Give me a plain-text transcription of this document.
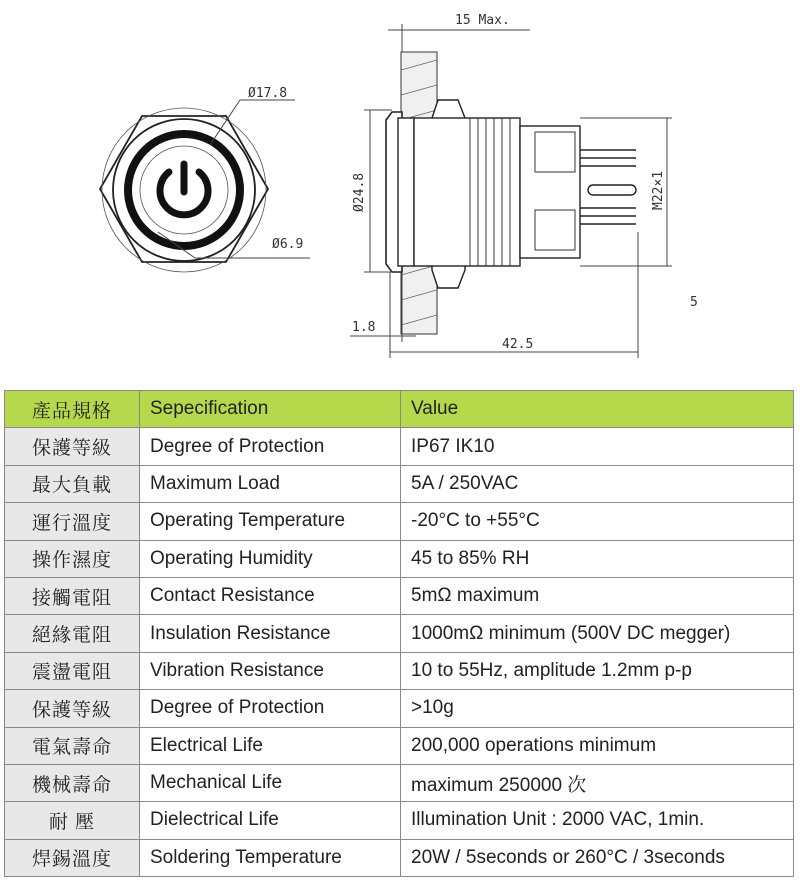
Ø17.8
Ø6.9
15 Max.
Ø24.8	M22×1
1.8
42.5
5
產品規格	Sepecification	Value
保護等級	Degree of Protection	IP67 IK10
最大負載	Maximum Load	5A / 250VAC
運行溫度	Operating Temperature	-20°C to +55°C
操作濕度	Operating Humidity	45 to 85% RH
接觸電阻	Contact Resistance	5mΩ maximum
絕緣電阻	Insulation Resistance	1000mΩ minimum (500V DC megger)
震盪電阻	Vibration Resistance	10 to 55Hz, amplitude 1.2mm p-p
保護等級	Degree of Protection	>10g
電氣壽命	Electrical Life	200,000 operations minimum
機械壽命	Mechanical Life	maximum 250000 次
耐 壓	Dielectrical Life	Illumination Unit : 2000 VAC, 1min.
焊錫溫度	Soldering Temperature	20W / 5seconds or 260°C / 3seconds
